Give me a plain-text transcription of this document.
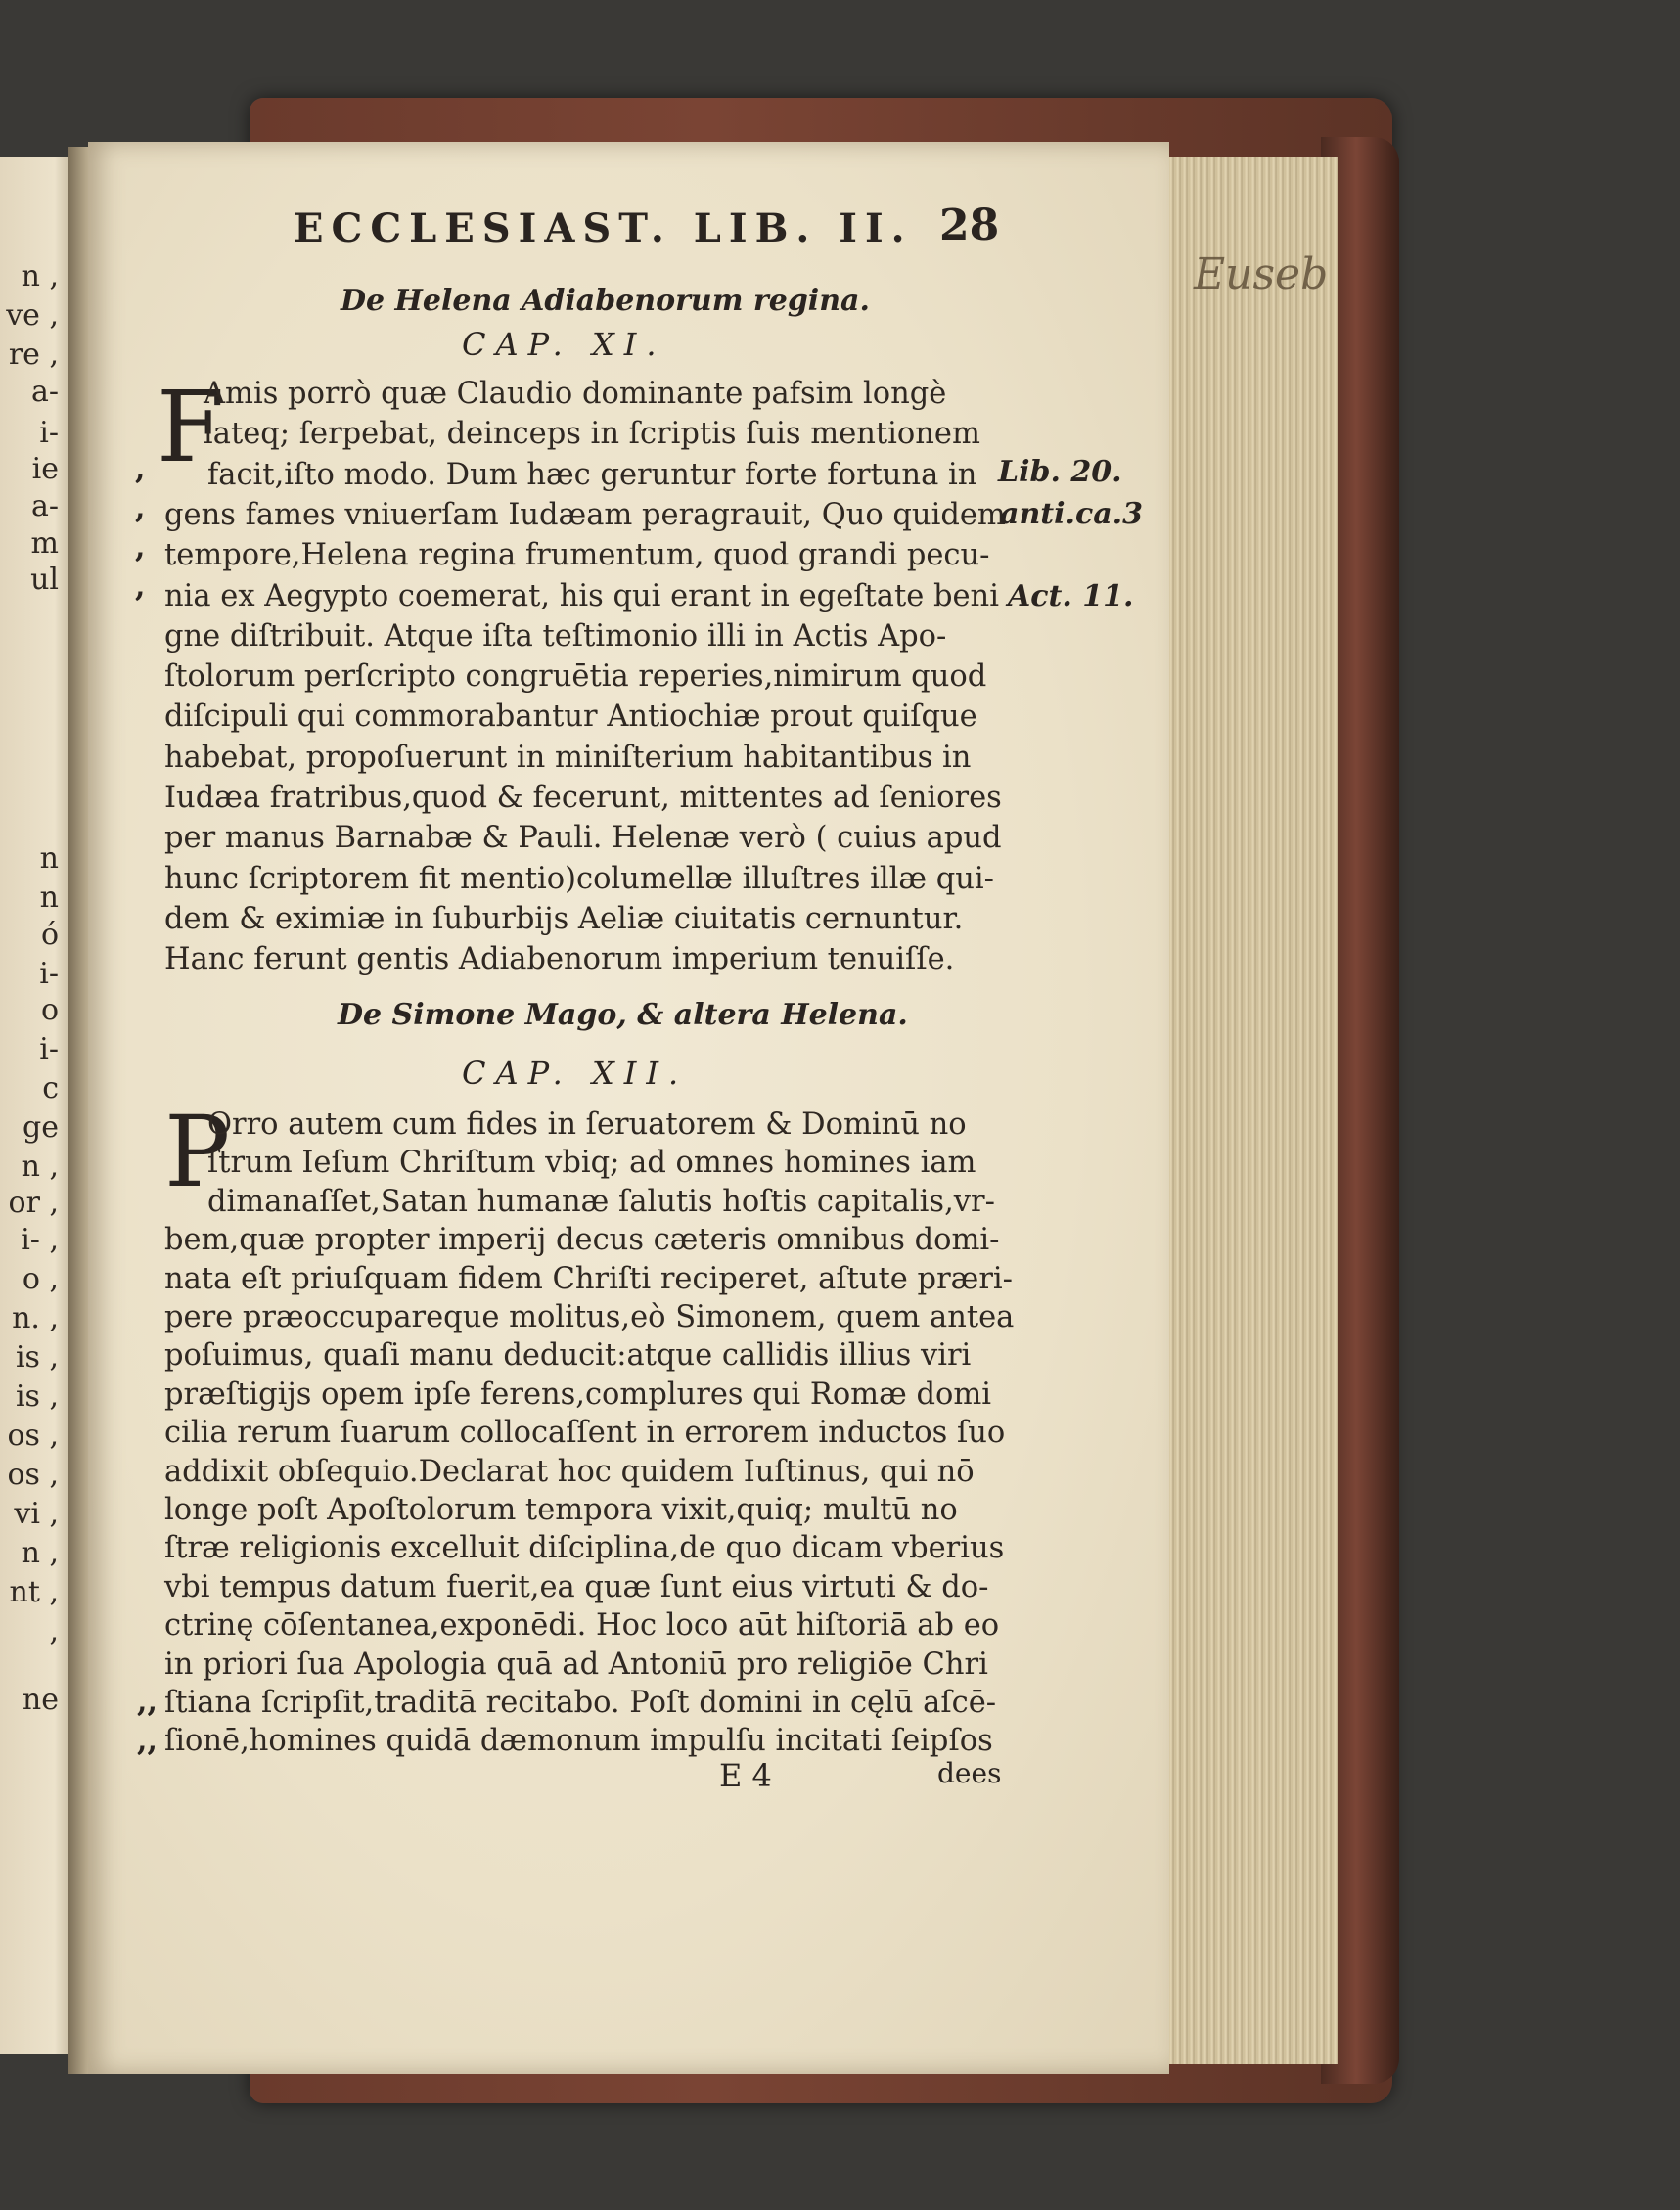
Euseb
n ,
ve ,
re ,
a-
i-
ie
a-
m
ul
n
n
ó
i-
o
i-
c
ge
n ,
or ,
i- ,
o ,
n. ,
is ,
is ,
os ,
os ,
vi ,
n ,
nt ,
,
ne
ECCLESIAST. LIB. II. 28
De Helena Adiabenorum regina.
CAP. XI.
F
Amis porrò quæ Claudio dominante pafsim longè
lateq; ſerpebat, deinceps in ſcriptis ſuis mentionem
facit,iſto modo. Dum hæc geruntur forte fortuna in
gens fames vniuerſam Iudæam peragrauit, Quo quidem
tempore,Helena regina frumentum, quod grandi pecu-
nia ex Aegypto coemerat, his qui erant in egeſtate beni
gne diſtribuit. Atque iſta teſtimonio illi in Actis Apo-
ſtolorum perſcripto congruētia reperies,nimirum quod
diſcipuli qui commorabantur Antiochiæ prout quiſque
habebat, propoſuerunt in miniſterium habitantibus in
Iudæa fratribus,quod & fecerunt, mittentes ad ſeniores
per manus Barnabæ & Pauli. Helenæ verò ( cuius apud
hunc ſcriptorem fit mentio)columellæ illuſtres illæ qui-
dem & eximiæ in ſuburbijs Aeliæ ciuitatis cernuntur.
Hanc ferunt gentis Adiabenorum imperium tenuiſſe.
De Simone Mago, & altera Helena.
CAP. XII.
P
Orro autem cum fides in ſeruatorem & Dominū no
ſtrum Ieſum Chriſtum vbiq; ad omnes homines iam
dimanaſſet,Satan humanæ ſalutis hoſtis capitalis,vr-
bem,quæ propter imperij decus cæteris omnibus domi-
nata eſt priuſquam fidem Chriſti reciperet, aſtute præri-
pere præoccupareque molitus,eò Simonem, quem antea
poſuimus, quaſi manu deducit:atque callidis illius viri
præſtigijs opem ipſe ferens,complures qui Romæ domi
cilia rerum ſuarum collocaſſent in errorem inductos ſuo
addixit obſequio.Declarat hoc quidem Iuſtinus, qui nō
longe poſt Apoſtolorum tempora vixit,quiq; multū no
ſtræ religionis excelluit diſciplina,de quo dicam vberius
vbi tempus datum fuerit,ea quæ ſunt eius virtuti & do-
ctrinę cōſentanea,exponēdi. Hoc loco aūt hiſtoriā ab eo
in priori ſua Apologia quā ad Antoniū pro religiōe Chri
ſtiana ſcripſit,traditā recitabo. Poſt domini in cęlū aſcē-
ſionē,homines quidā dæmonum impulſu incitati ſeipſos
Lib. 20.
anti.ca.3
Act. 11.
,
,
,
,
,,
,,
E 4	dees
